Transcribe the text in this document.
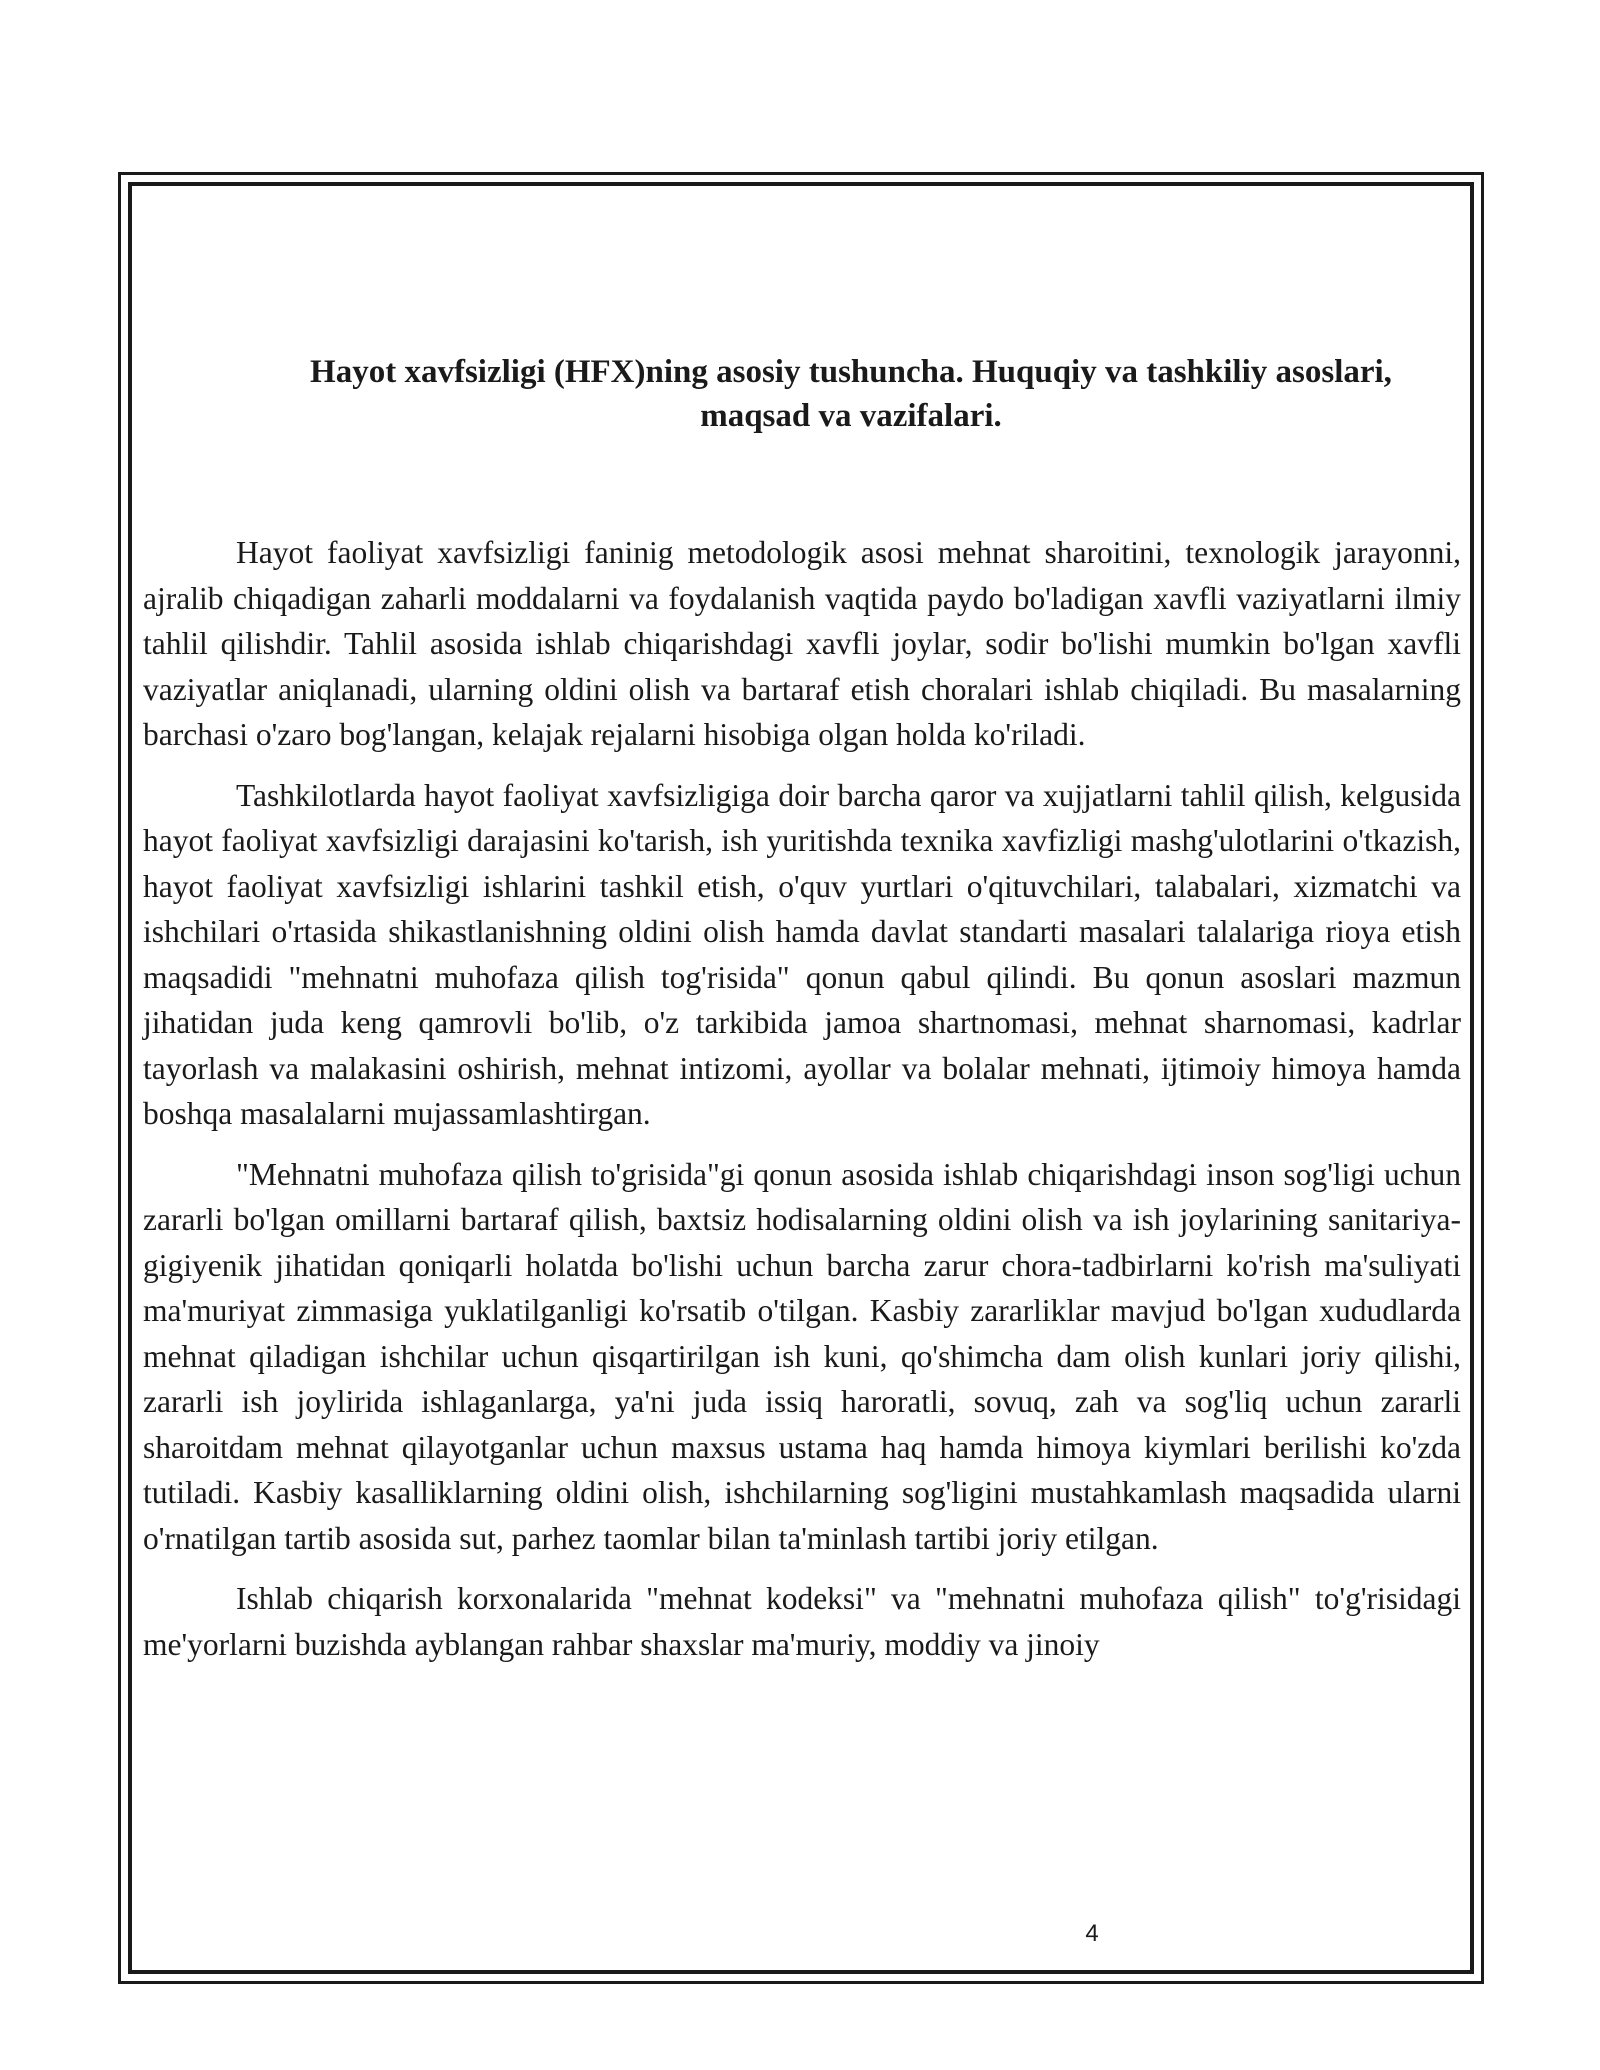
Hayot xavfsizligi (HFX)ning asosiy tushuncha. Huquqiy va tashkiliy asoslari,
maqsad va vazifalari.

Hayot faoliyat xavfsizligi faninig metodologik asosi mehnat sharoitini, texnologik jarayonni, ajralib chiqadigan zaharli moddalarni va foydalanish vaqtida paydo bo'ladigan xavfli vaziyatlarni ilmiy tahlil qilishdir. Tahlil asosida ishlab chiqarishdagi xavfli joylar, sodir bo'lishi mumkin bo'lgan xavfli vaziyatlar aniqlanadi, ularning oldini olish va bartaraf etish choralari ishlab chiqiladi. Bu masalarning barchasi o'zaro bog'langan, kelajak rejalarni hisobiga olgan holda ko'riladi.

Tashkilotlarda hayot faoliyat xavfsizligiga doir barcha qaror va xujjatlarni tahlil qilish, kelgusida hayot faoliyat xavfsizligi darajasini ko'tarish, ish yuritishda texnika xavfizligi mashg'ulotlarini o'tkazish, hayot faoliyat xavfsizligi ishlarini tashkil etish, o'quv yurtlari o'qituvchilari, talabalari, xizmatchi va ishchilari o'rtasida shikastlanishning oldini olish hamda davlat standarti masalari talalariga rioya etish maqsadidi "mehnatni muhofaza qilish tog'risida" qonun qabul qilindi. Bu qonun asoslari mazmun jihatidan juda keng qamrovli bo'lib, o'z tarkibida jamoa shartnomasi, mehnat sharnomasi, kadrlar tayorlash va malakasini oshirish, mehnat intizomi, ayollar va bolalar mehnati, ijtimoiy himoya hamda boshqa masalalarni mujassamlashtirgan.

"Mehnatni muhofaza qilish to'grisida"gi qonun asosida ishlab chiqarishdagi inson sog'ligi uchun zararli bo'lgan omillarni bartaraf qilish, baxtsiz hodisalarning oldini olish va ish joylarining sanitariya-gigiyenik jihatidan qoniqarli holatda bo'lishi uchun barcha zarur chora-tadbirlarni ko'rish ma'suliyati ma'muriyat zimmasiga yuklatilganligi ko'rsatib o'tilgan. Kasbiy zararliklar mavjud bo'lgan xududlarda mehnat qiladigan ishchilar uchun qisqartirilgan ish kuni, qo'shimcha dam olish kunlari joriy qilishi, zararli ish joylirida ishlaganlarga, ya'ni juda issiq haroratli, sovuq, zah va sog'liq uchun zararli sharoitdam mehnat qilayotganlar uchun maxsus ustama haq hamda himoya kiymlari berilishi ko'zda tutiladi. Kasbiy kasalliklarning oldini olish, ishchilarning sog'ligini mustahkamlash maqsadida ularni o'rnatilgan tartib asosida sut, parhez taomlar bilan ta'minlash tartibi joriy etilgan.

Ishlab chiqarish korxonalarida "mehnat kodeksi" va "mehnatni muhofaza qilish" to'g'risidagi me'yorlarni buzishda ayblangan rahbar shaxslar ma'muriy, moddiy va jinoiy

4
